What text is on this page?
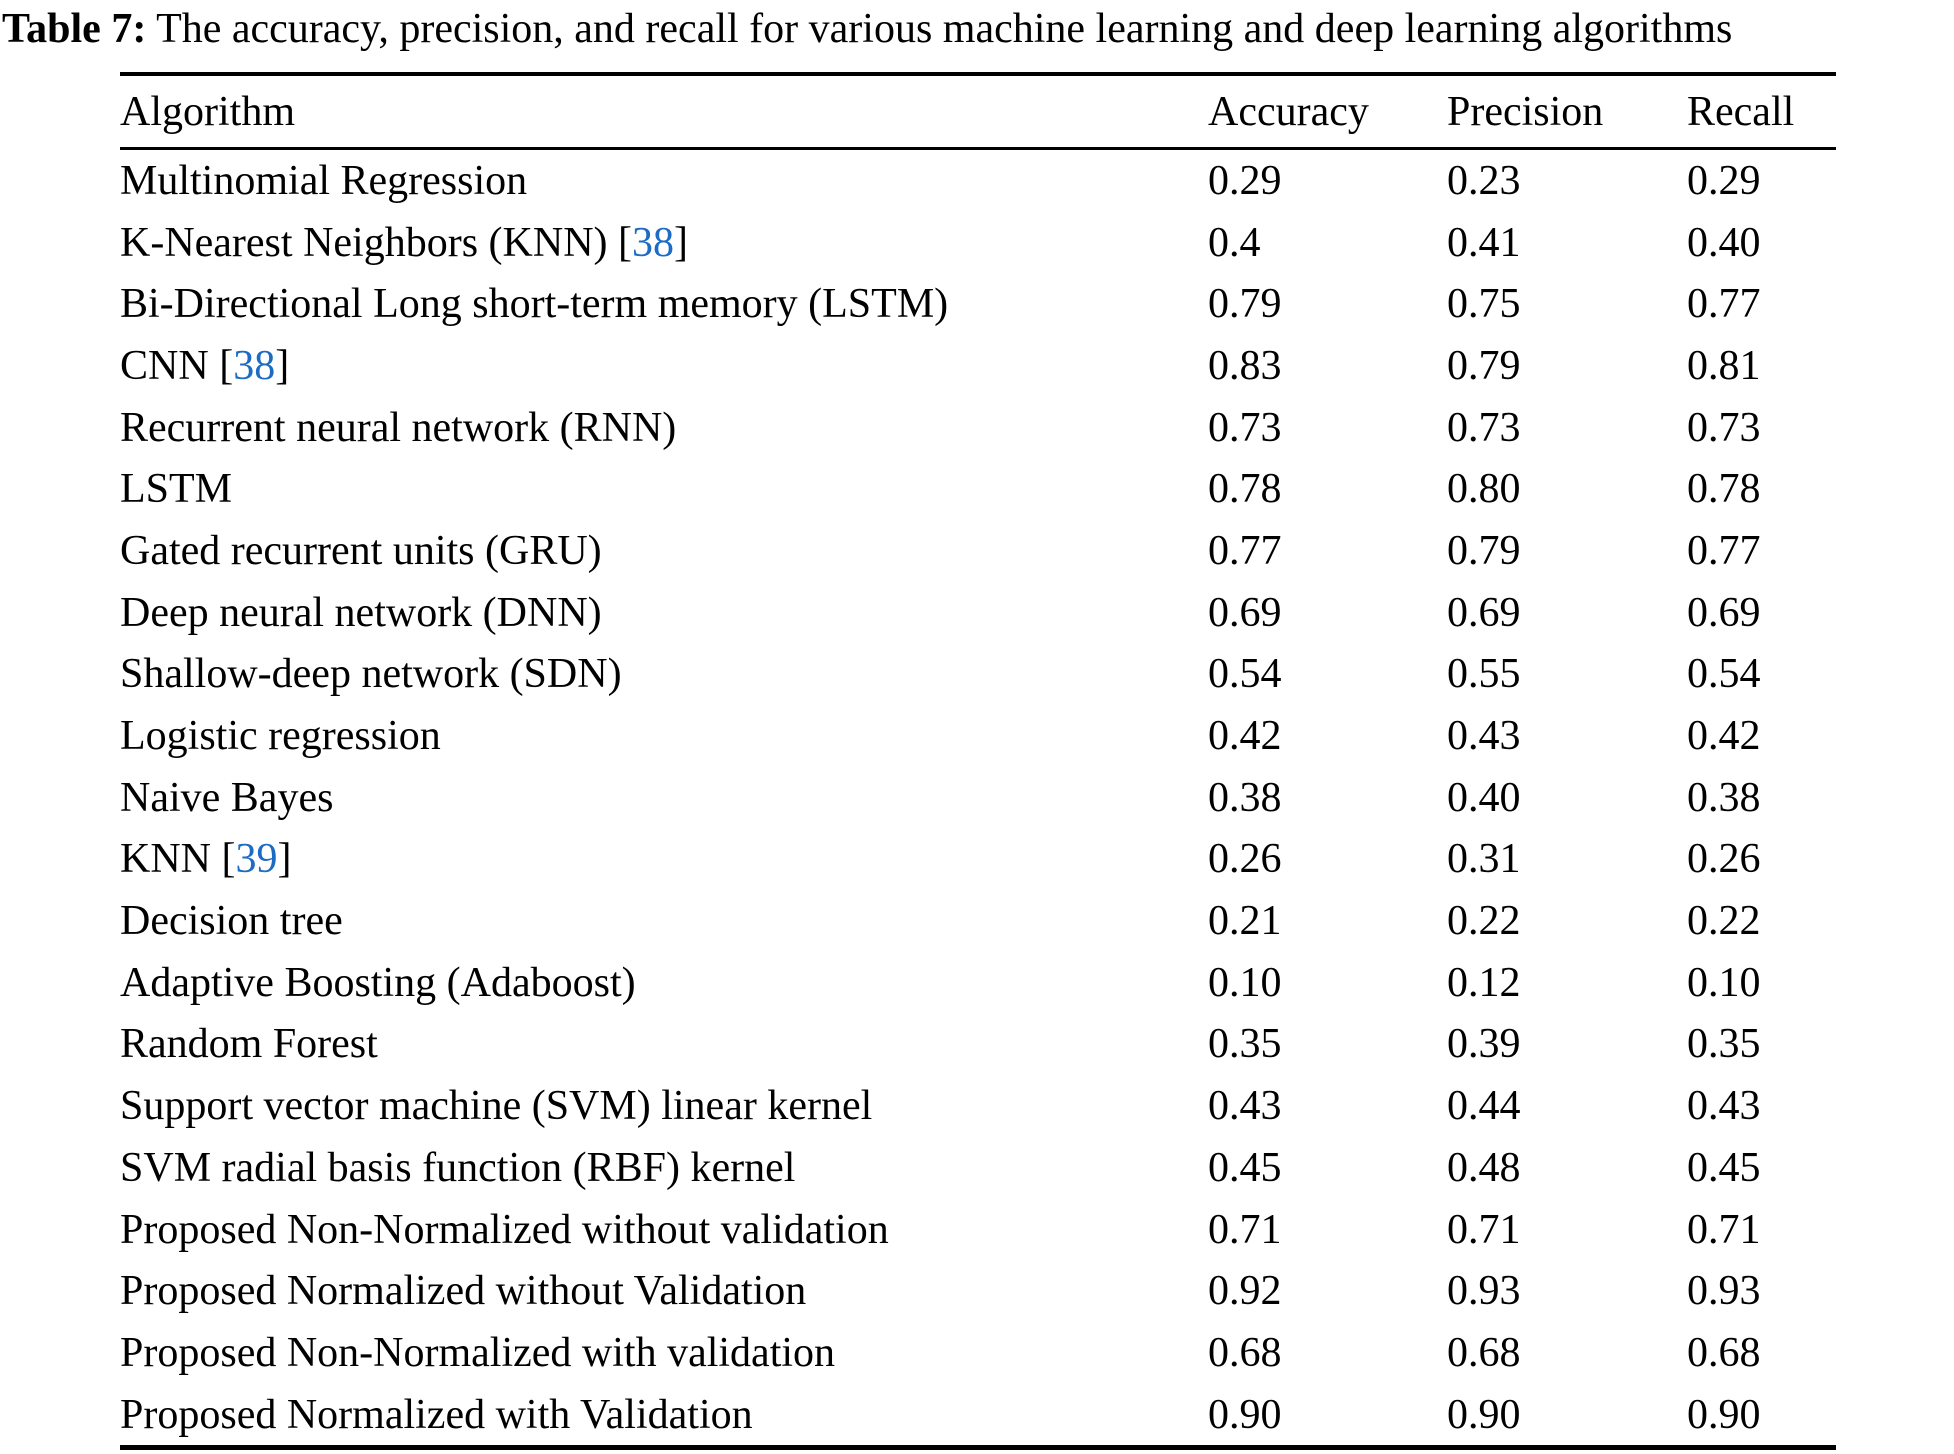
Table 7: The accuracy, precision, and recall for various machine learning and deep learning algorithms
Algorithm	Accuracy	Precision	Recall
Multinomial Regression	0.29	0.23	0.29
K-Nearest Neighbors (KNN) [38]	0.4	0.41	0.40
Bi-Directional Long short-term memory (LSTM)	0.79	0.75	0.77
CNN [38]	0.83	0.79	0.81
Recurrent neural network (RNN)	0.73	0.73	0.73
LSTM	0.78	0.80	0.78
Gated recurrent units (GRU)	0.77	0.79	0.77
Deep neural network (DNN)	0.69	0.69	0.69
Shallow-deep network (SDN)	0.54	0.55	0.54
Logistic regression	0.42	0.43	0.42
Naive Bayes	0.38	0.40	0.38
KNN [39]	0.26	0.31	0.26
Decision tree	0.21	0.22	0.22
Adaptive Boosting (Adaboost)	0.10	0.12	0.10
Random Forest	0.35	0.39	0.35
Support vector machine (SVM) linear kernel	0.43	0.44	0.43
SVM radial basis function (RBF) kernel	0.45	0.48	0.45
Proposed Non-Normalized without validation	0.71	0.71	0.71
Proposed Normalized without Validation	0.92	0.93	0.93
Proposed Non-Normalized with validation	0.68	0.68	0.68
Proposed Normalized with Validation	0.90	0.90	0.90
